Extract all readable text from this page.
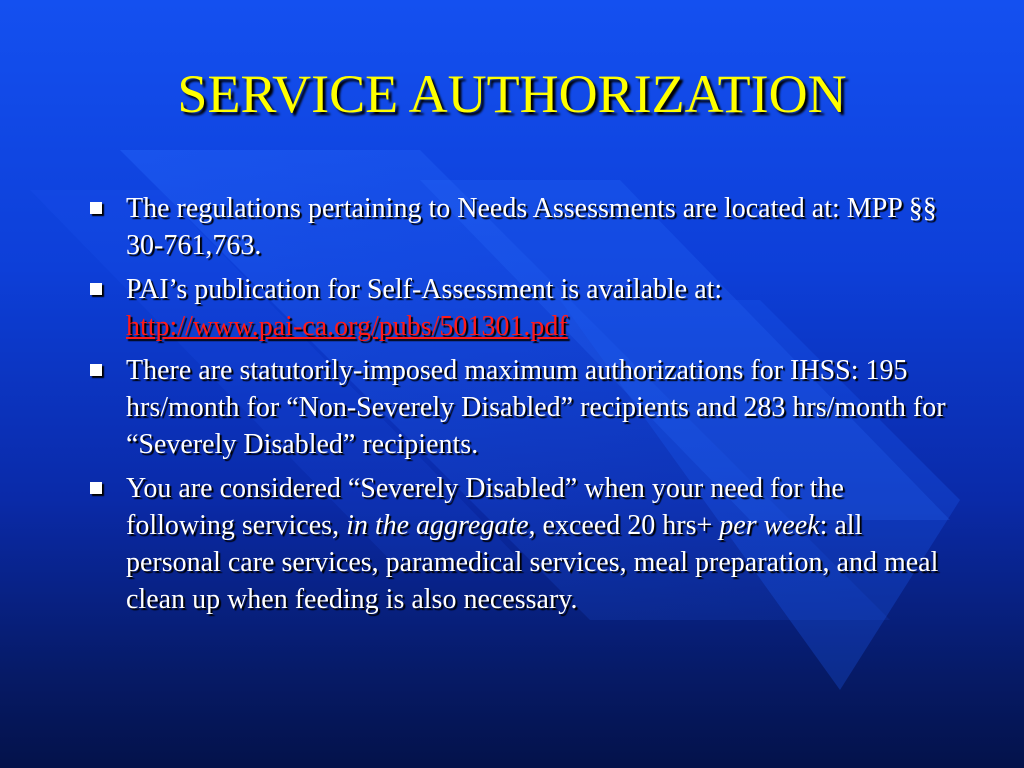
SERVICE AUTHORIZATION
The regulations pertaining to Needs Assessments are located at: MPP §§ 30-761,763.
PAI’s publication for Self-Assessment is available at:
http://www.pai-ca.org/pubs/501301.pdf
There are statutorily-imposed maximum authorizations for IHSS: 195 hrs/month for “Non-Severely Disabled” recipients and 283 hrs/month for “Severely Disabled” recipients.
You are considered “Severely Disabled” when your need for the following services, in the aggregate, exceed 20 hrs+ per week: all personal care services, paramedical services, meal preparation, and meal clean up when feeding is also necessary.
